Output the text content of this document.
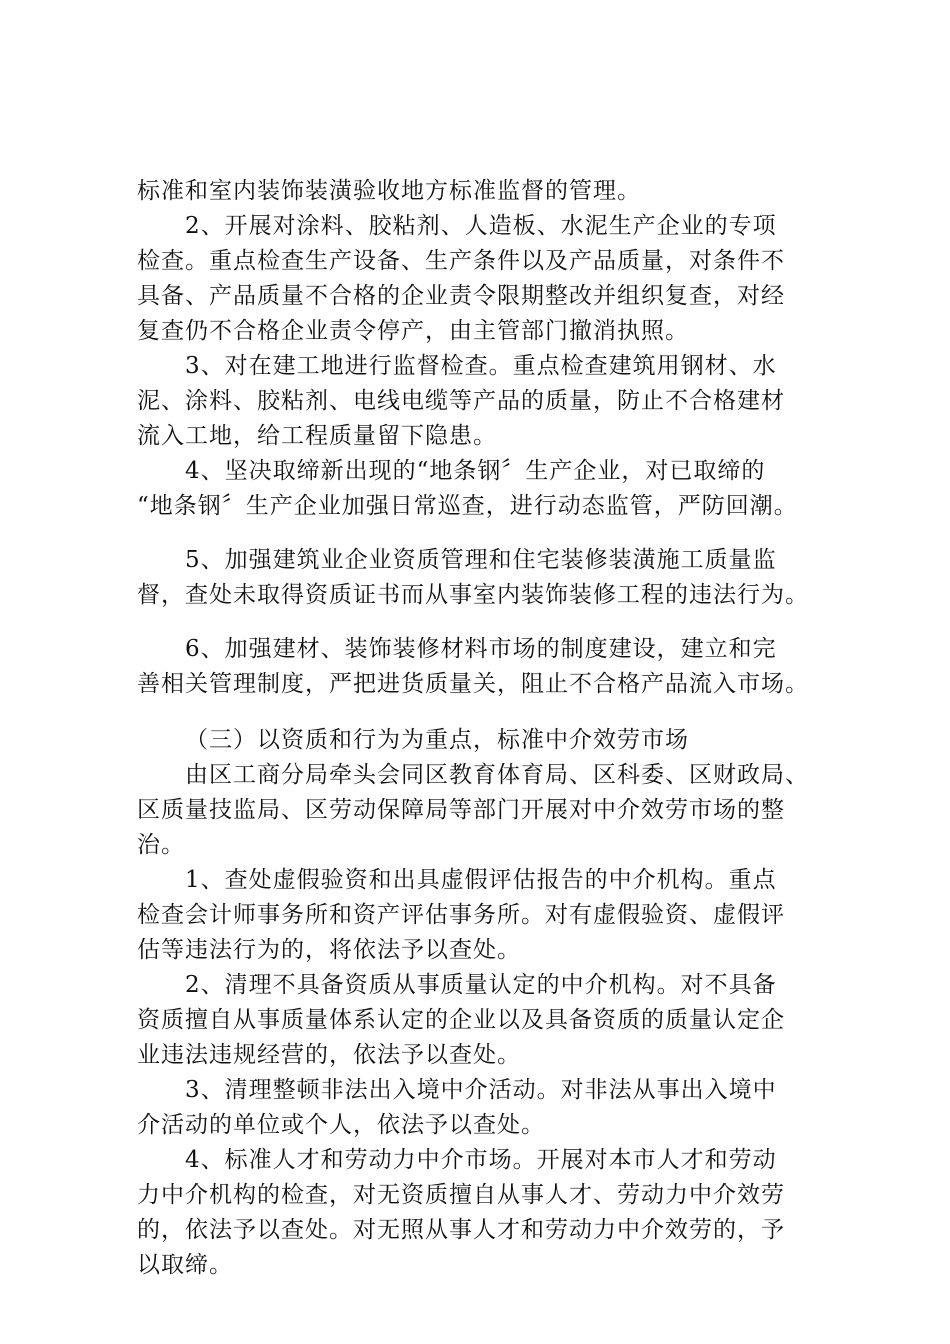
标准和室内装饰装潢验收地方标准监督的管理。

2、开展对涂料、胶粘剂、人造板、水泥生产企业的专项
检查。重点检查生产设备、生产条件以及产品质量，对条件不
具备、产品质量不合格的企业责令限期整改并组织复查，对经
复查仍不合格企业责令停产，由主管部门撤消执照。

3、对在建工地进行监督检查。重点检查建筑用钢材、水
泥、涂料、胶粘剂、电线电缆等产品的质量，防止不合格建材
流入工地，给工程质量留下隐患。

4、坚决取缔新出现的“地条钢〞生产企业，对已取缔的
“地条钢〞生产企业加强日常巡查，进行动态监管，严防回潮。

5、加强建筑业企业资质管理和住宅装修装潢施工质量监
督，查处未取得资质证书而从事室内装饰装修工程的违法行为。

6、加强建材、装饰装修材料市场的制度建设，建立和完
善相关管理制度，严把进货质量关，阻止不合格产品流入市场。

（三）以资质和行为为重点，标准中介效劳市场

由区工商分局牵头会同区教育体育局、区科委、区财政局、
区质量技监局、区劳动保障局等部门开展对中介效劳市场的整
治。

1、查处虚假验资和出具虚假评估报告的中介机构。重点
检查会计师事务所和资产评估事务所。对有虚假验资、虚假评
估等违法行为的，将依法予以查处。

2、清理不具备资质从事质量认定的中介机构。对不具备
资质擅自从事质量体系认定的企业以及具备资质的质量认定企
业违法违规经营的，依法予以查处。

3、清理整顿非法出入境中介活动。对非法从事出入境中
介活动的单位或个人，依法予以查处。

4、标准人才和劳动力中介市场。开展对本市人才和劳动
力中介机构的检查，对无资质擅自从事人才、劳动力中介效劳
的，依法予以查处。对无照从事人才和劳动力中介效劳的，予
以取缔。
